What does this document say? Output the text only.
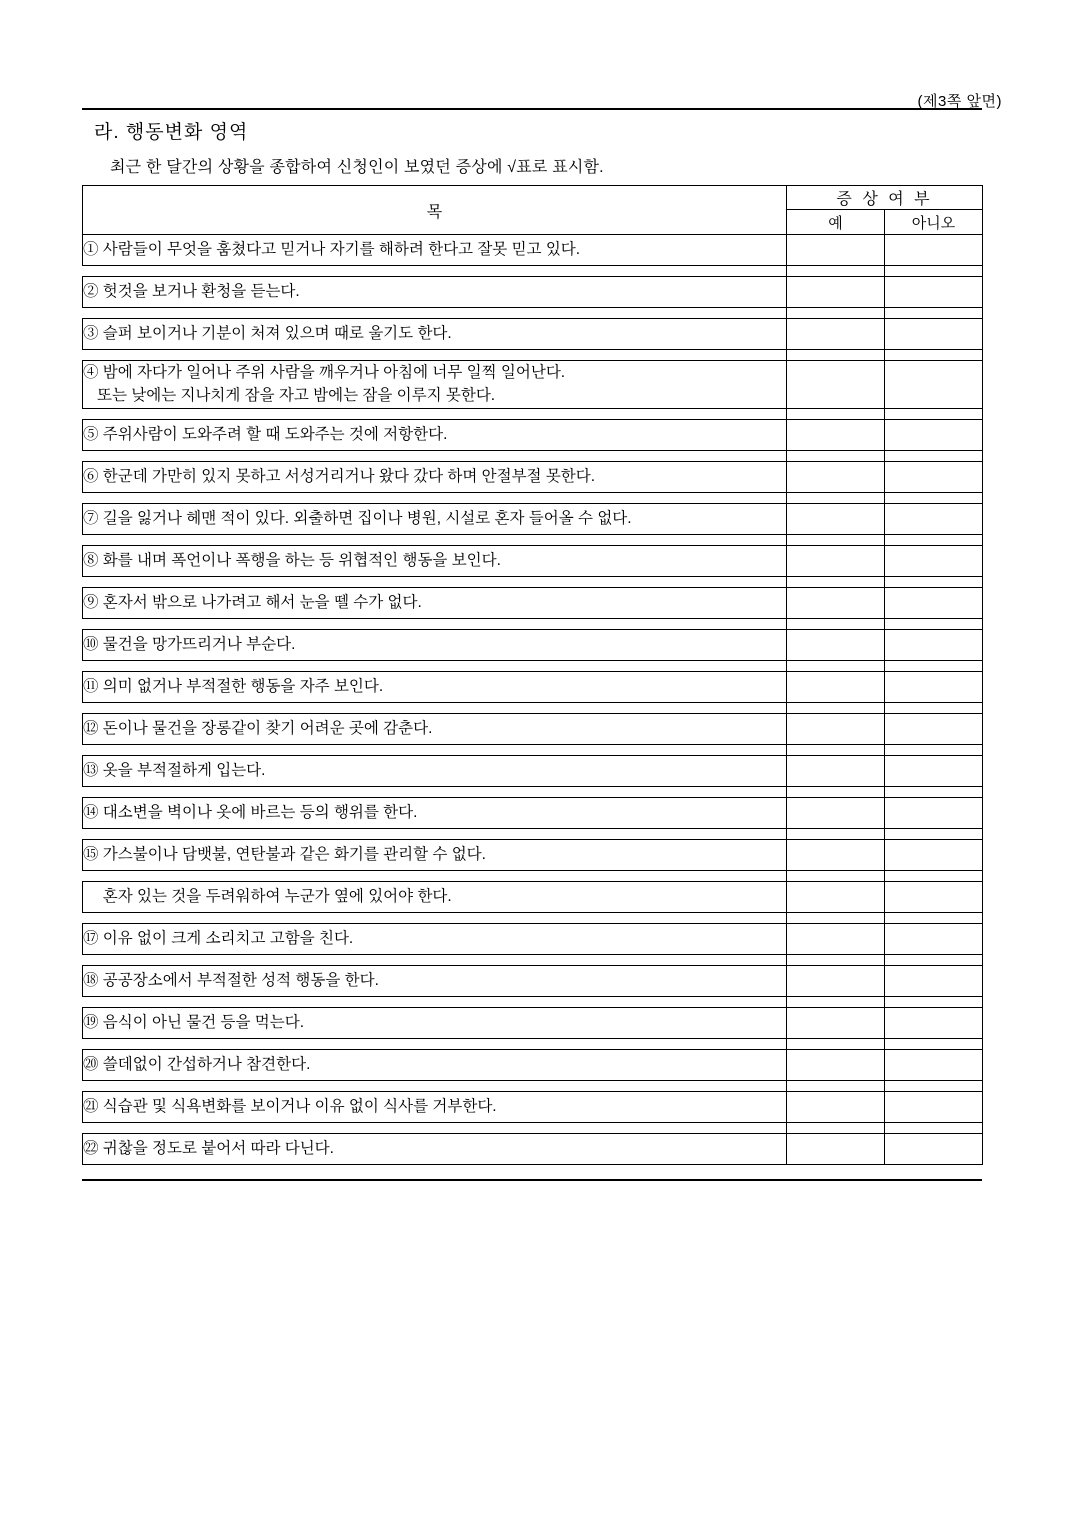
(제3쪽 앞면)
라. 행동변화 영역
최근 한 달간의 상황을 종합하여 신청인이 보였던 증상에 √표로 표시함.
목	증 상 여 부	
	예	아니오
① 사람들이 무엇을 훔쳤다고 믿거나 자기를 해하려 한다고 잘못 믿고 있다.		

② 헛것을 보거나 환청을 듣는다.		

③ 슬퍼 보이거나 기분이 처져 있으며 때로 울기도 한다.		

④ 밤에 자다가 일어나 주위 사람을 깨우거나 아침에 너무 일찍 일어난다.
또는 낮에는 지나치게 잠을 자고 밤에는 잠을 이루지 못한다.		

⑤ 주위사람이 도와주려 할 때 도와주는 것에 저항한다.		

⑥ 한군데 가만히 있지 못하고 서성거리거나 왔다 갔다 하며 안절부절 못한다.		

⑦ 길을 잃거나 헤맨 적이 있다. 외출하면 집이나 병원, 시설로 혼자 들어올 수 없다.		

⑧ 화를 내며 폭언이나 폭행을 하는 등 위협적인 행동을 보인다.		

⑨ 혼자서 밖으로 나가려고 해서 눈을 뗄 수가 없다.		

⑩ 물건을 망가뜨리거나 부순다.		

⑪ 의미 없거나 부적절한 행동을 자주 보인다.		

⑫ 돈이나 물건을 장롱같이 찾기 어려운 곳에 감춘다.		

⑬ 옷을 부적절하게 입는다.		

⑭ 대소변을 벽이나 옷에 바르는 등의 행위를 한다.		

⑮ 가스불이나 담뱃불, 연탄불과 같은 화기를 관리할 수 없다.		

　 혼자 있는 것을 두려워하여 누군가 옆에 있어야 한다.		

⑰ 이유 없이 크게 소리치고 고함을 친다.		

⑱ 공공장소에서 부적절한 성적 행동을 한다.		

⑲ 음식이 아닌 물건 등을 먹는다.		

⑳ 쓸데없이 간섭하거나 참견한다.		

㉑ 식습관 및 식욕변화를 보이거나 이유 없이 식사를 거부한다.		

㉒ 귀찮을 정도로 붙어서 따라 다닌다.		
